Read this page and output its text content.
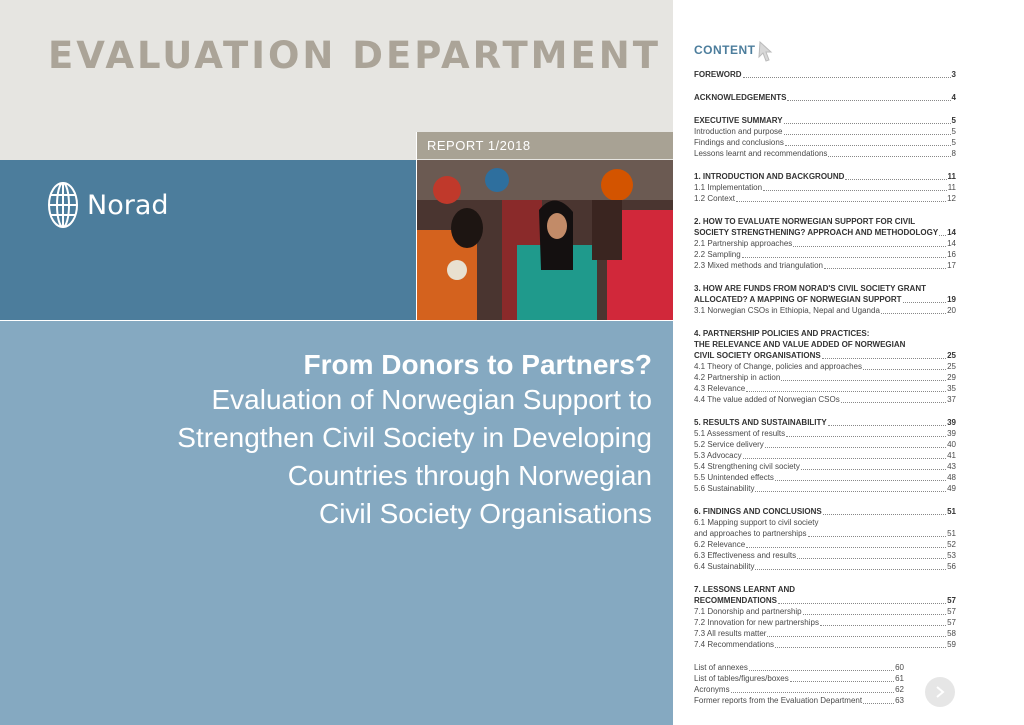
EVALUATION DEPARTMENT
REPORT 1/2018
Norad
From Donors to Partners?
Evaluation of Norwegian Support to
Strengthen Civil Society in Developing
Countries through Norwegian
Civil Society Organisations
CONTENT
FOREWORD	3
ACKNOWLEDGEMENTS	4
EXECUTIVE SUMMARY	5
Introduction and purpose	5
Findings and conclusions	5
Lessons learnt and recommendations	8
1. INTRODUCTION AND BACKGROUND	11
1.1 Implementation	11
1.2 Context	12
2. HOW TO EVALUATE NORWEGIAN SUPPORT FOR CIVIL
SOCIETY STRENGTHENING? APPROACH AND METHODOLOGY 14
2.1 Partnership approaches	14
2.2 Sampling	16
2.3 Mixed methods and triangulation	17
3. HOW ARE FUNDS FROM NORAD'S CIVIL SOCIETY GRANT
ALLOCATED? A MAPPING OF NORWEGIAN SUPPORT	19
3.1 Norwegian CSOs in Ethiopia, Nepal and Uganda	20
4. PARTNERSHIP POLICIES AND PRACTICES:
THE RELEVANCE AND VALUE ADDED OF NORWEGIAN
CIVIL SOCIETY ORGANISATIONS	25
4.1 Theory of Change, policies and approaches	25
4.2 Partnership in action	29
4.3 Relevance	35
4.4 The value added of Norwegian CSOs	37
5. RESULTS AND SUSTAINABILITY	39
5.1 Assessment of results	39
5.2 Service delivery	40
5.3 Advocacy	41
5.4 Strengthening civil society	43
5.5 Unintended effects	48
5.6 Sustainability	49
6. FINDINGS AND CONCLUSIONS	51
6.1 Mapping support to civil society
and approaches to partnerships	51
6.2 Relevance	52
6.3 Effectiveness and results	53
6.4 Sustainability	56
7. LESSONS LEARNT AND
RECOMMENDATIONS	57
7.1 Donorship and partnership	57
7.2 Innovation for new partnerships	57
7.3 All results matter	58
7.4 Recommendations	59
List of annexes	60
List of tables/figures/boxes	61
Acronyms	62
Former reports from the Evaluation Department	63
